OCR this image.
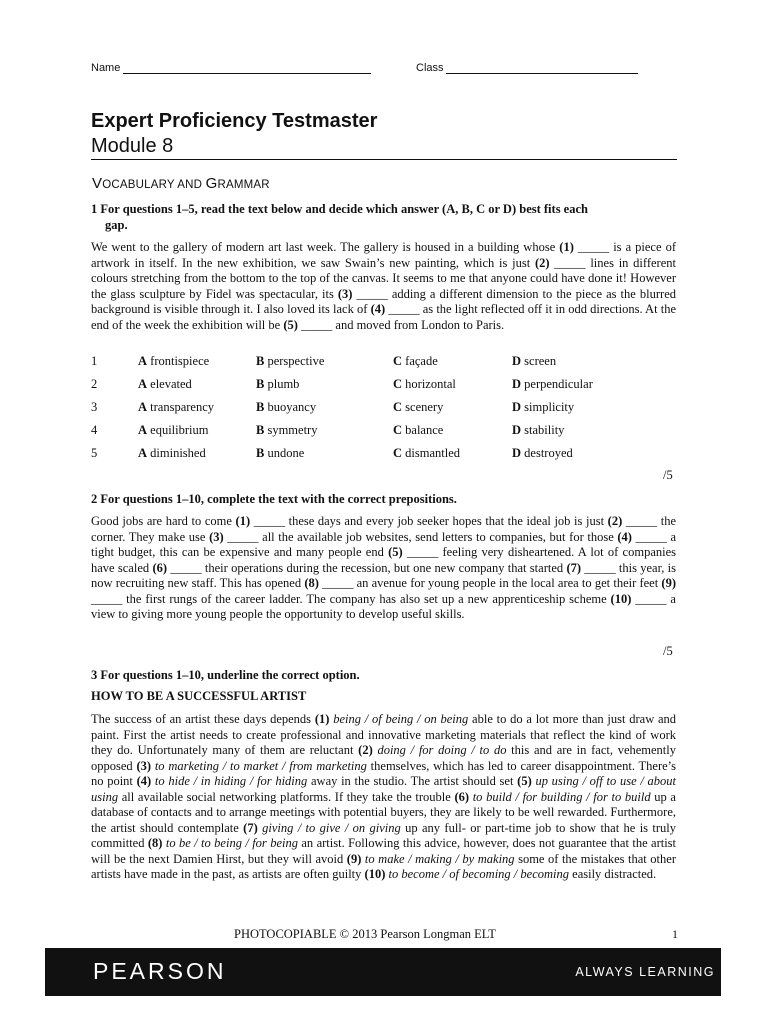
Name	Class
Expert Proficiency Testmaster
Module 8
VOCABULARY AND GRAMMAR
1 For questions 1–5, read the text below and decide which answer (A, B, C or D) best fits each
gap.
We went to the gallery of modern art last week. The gallery is housed in a building whose (1) _____ is a piece of artwork in itself. In the new exhibition, we saw Swain’s new painting, which is just (2) _____ lines in different colours stretching from the bottom to the top of the canvas. It seems to me that anyone could have done it! However the glass sculpture by Fidel was spectacular, its (3) _____ adding a different dimension to the piece as the blurred background is visible through it. I also loved its lack of (4) _____ as the light reflected off it in odd directions. At the end of the week the exhibition will be (5) _____ and moved from London to Paris.
1	A frontispiece	B perspective	C façade	D screen
2	A elevated	B plumb	C horizontal	D perpendicular
3	A transparency	B buoyancy	C scenery	D simplicity
4	A equilibrium	B symmetry	C balance	D stability
5	A diminished	B undone	C dismantled	D destroyed
/5
2 For questions 1–10, complete the text with the correct prepositions.
Good jobs are hard to come (1) _____ these days and every job seeker hopes that the ideal job is just (2) _____ the corner. They make use (3) _____ all the available job websites, send letters to companies, but for those (4) _____ a tight budget, this can be expensive and many people end (5) _____ feeling very disheartened. A lot of companies have scaled (6) _____ their operations during the recession, but one new company that started (7) _____ this year, is now recruiting new staff. This has opened (8) _____ an avenue for young people in the local area to get their feet (9) _____ the first rungs of the career ladder. The company has also set up a new apprenticeship scheme (10) _____ a view to giving more young people the opportunity to develop useful skills.
/5
3 For questions 1–10, underline the correct option.
HOW TO BE A SUCCESSFUL ARTIST
The success of an artist these days depends (1) being / of being / on being able to do a lot more than just draw and paint. First the artist needs to create professional and innovative marketing materials that reflect the kind of work they do. Unfortunately many of them are reluctant (2) doing / for doing / to do this and are in fact, vehemently opposed (3) to marketing / to market / from marketing themselves, which has led to career disappointment. There’s no point (4) to hide / in hiding / for hiding away in the studio. The artist should set (5) up using / off to use / about using all available social networking platforms. If they take the trouble (6) to build / for building / for to build up a database of contacts and to arrange meetings with potential buyers, they are likely to be well rewarded. Furthermore, the artist should contemplate (7) giving / to give / on giving up any full- or part-time job to show that he is truly committed (8) to be / to being / for being an artist. Following this advice, however, does not guarantee that the artist will be the next Damien Hirst, but they will avoid (9) to make / making / by making some of the mistakes that other artists have made in the past, as artists are often guilty (10) to become / of becoming / becoming easily distracted.
PHOTOCOPIABLE © 2013 Pearson Longman ELT	1
PEARSON	ALWAYS LEARNING
